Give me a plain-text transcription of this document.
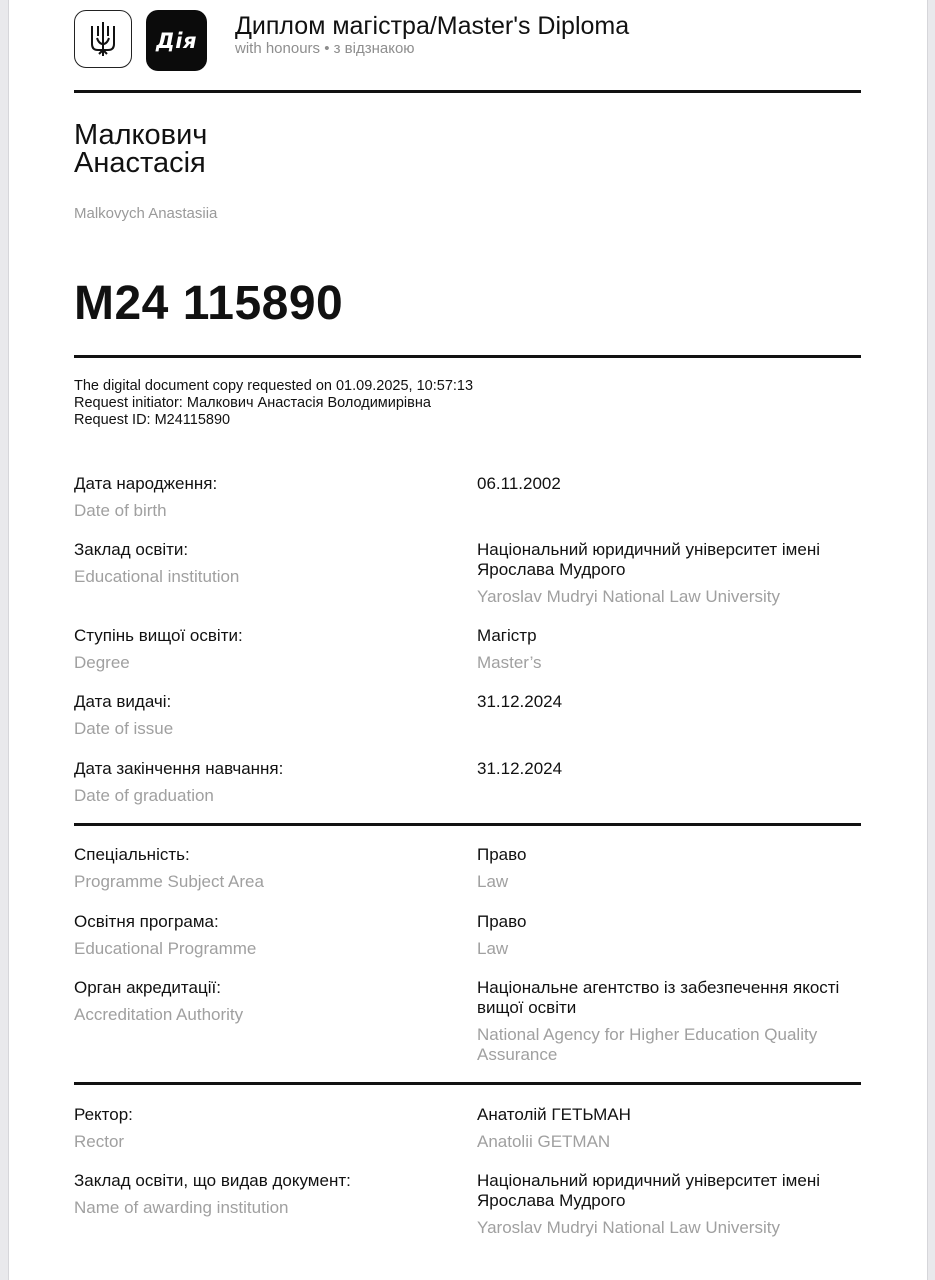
Дія
Диплом магістра/Master's Diploma
with honours • з відзнакою
Малкович
Анастасія
Malkovych Anastasiia
M24 115890
The digital document copy requested on 01.09.2025, 10:57:13
Request initiator: Малкович Анастасія Володимирівна
Request ID: M24115890
Дата народження:
Date of birth
06.11.2002
Заклад освіти:
Educational institution
Національний юридичний університет імені Ярослава Мудрого
Yaroslav Mudryi National Law University
Ступінь вищої освіти:
Degree
Магістр
Master’s
Дата видачі:
Date of issue
31.12.2024
Дата закінчення навчання:
Date of graduation
31.12.2024
Спеціальність:
Programme Subject Area
Право
Law
Освітня програма:
Educational Programme
Право
Law
Орган акредитації:
Accreditation Authority
Національне агентство із забезпечення якості вищої освіти
National Agency for Higher Education Quality Assurance
Ректор:
Rector
Анатолій ГЕТЬМАН
Anatolii GETMAN
Заклад освіти, що видав документ:
Name of awarding institution
Національний юридичний університет імені Ярослава Мудрого
Yaroslav Mudryi National Law University
